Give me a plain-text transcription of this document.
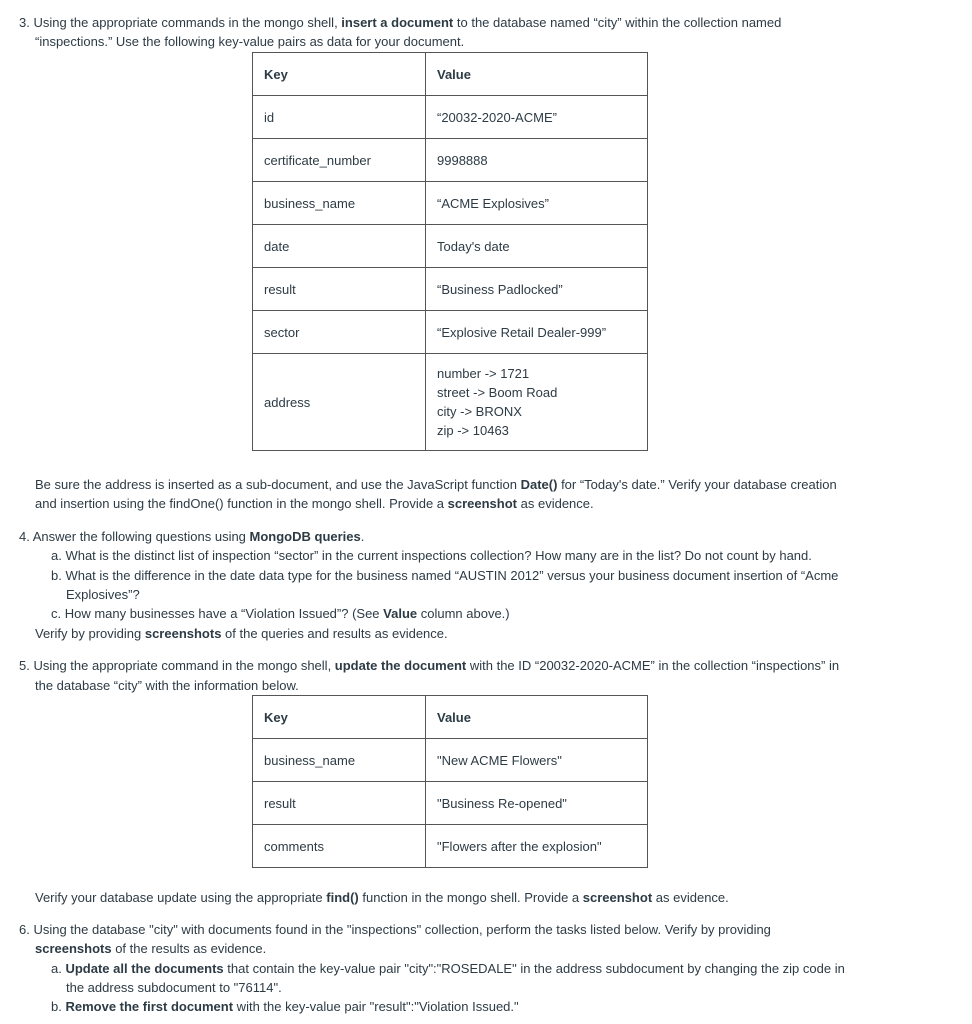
3. Using the appropriate commands in the mongo shell, insert a document to the database named “city” within the collection named

“inspections.” Use the following key-value pairs as data for your document.

Key	Value
id	“20032-2020-ACME”
certificate_number	9998888
business_name	“ACME Explosives”
date	Today's date
result	“Business Padlocked”
sector	“Explosive Retail Dealer-999”
address	number -> 1721
street -> Boom Road
city -> BRONX
zip -> 10463

Be sure the address is inserted as a sub-document, and use the JavaScript function Date() for “Today's date.” Verify your database creation

and insertion using the findOne() function in the mongo shell. Provide a screenshot as evidence.

4. Answer the following questions using MongoDB queries.

a. What is the distinct list of inspection “sector” in the current inspections collection? How many are in the list? Do not count by hand.

b. What is the difference in the date data type for the business named “AUSTIN 2012” versus your business document insertion of “Acme

Explosives”?

c. How many businesses have a “Violation Issued”? (See Value column above.)

Verify by providing screenshots of the queries and results as evidence.

5. Using the appropriate command in the mongo shell, update the document with the ID “20032-2020-ACME” in the collection “inspections” in

the database “city” with the information below.

Key	Value
business_name	"New ACME Flowers"
result	"Business Re-opened"
comments	"Flowers after the explosion"

Verify your database update using the appropriate find() function in the mongo shell. Provide a screenshot as evidence.

6. Using the database "city" with documents found in the "inspections" collection, perform the tasks listed below. Verify by providing

screenshots of the results as evidence.

a. Update all the documents that contain the key-value pair "city":"ROSEDALE" in the address subdocument by changing the zip code in

the address subdocument to "76114".

b. Remove the first document with the key-value pair "result":"Violation Issued."
